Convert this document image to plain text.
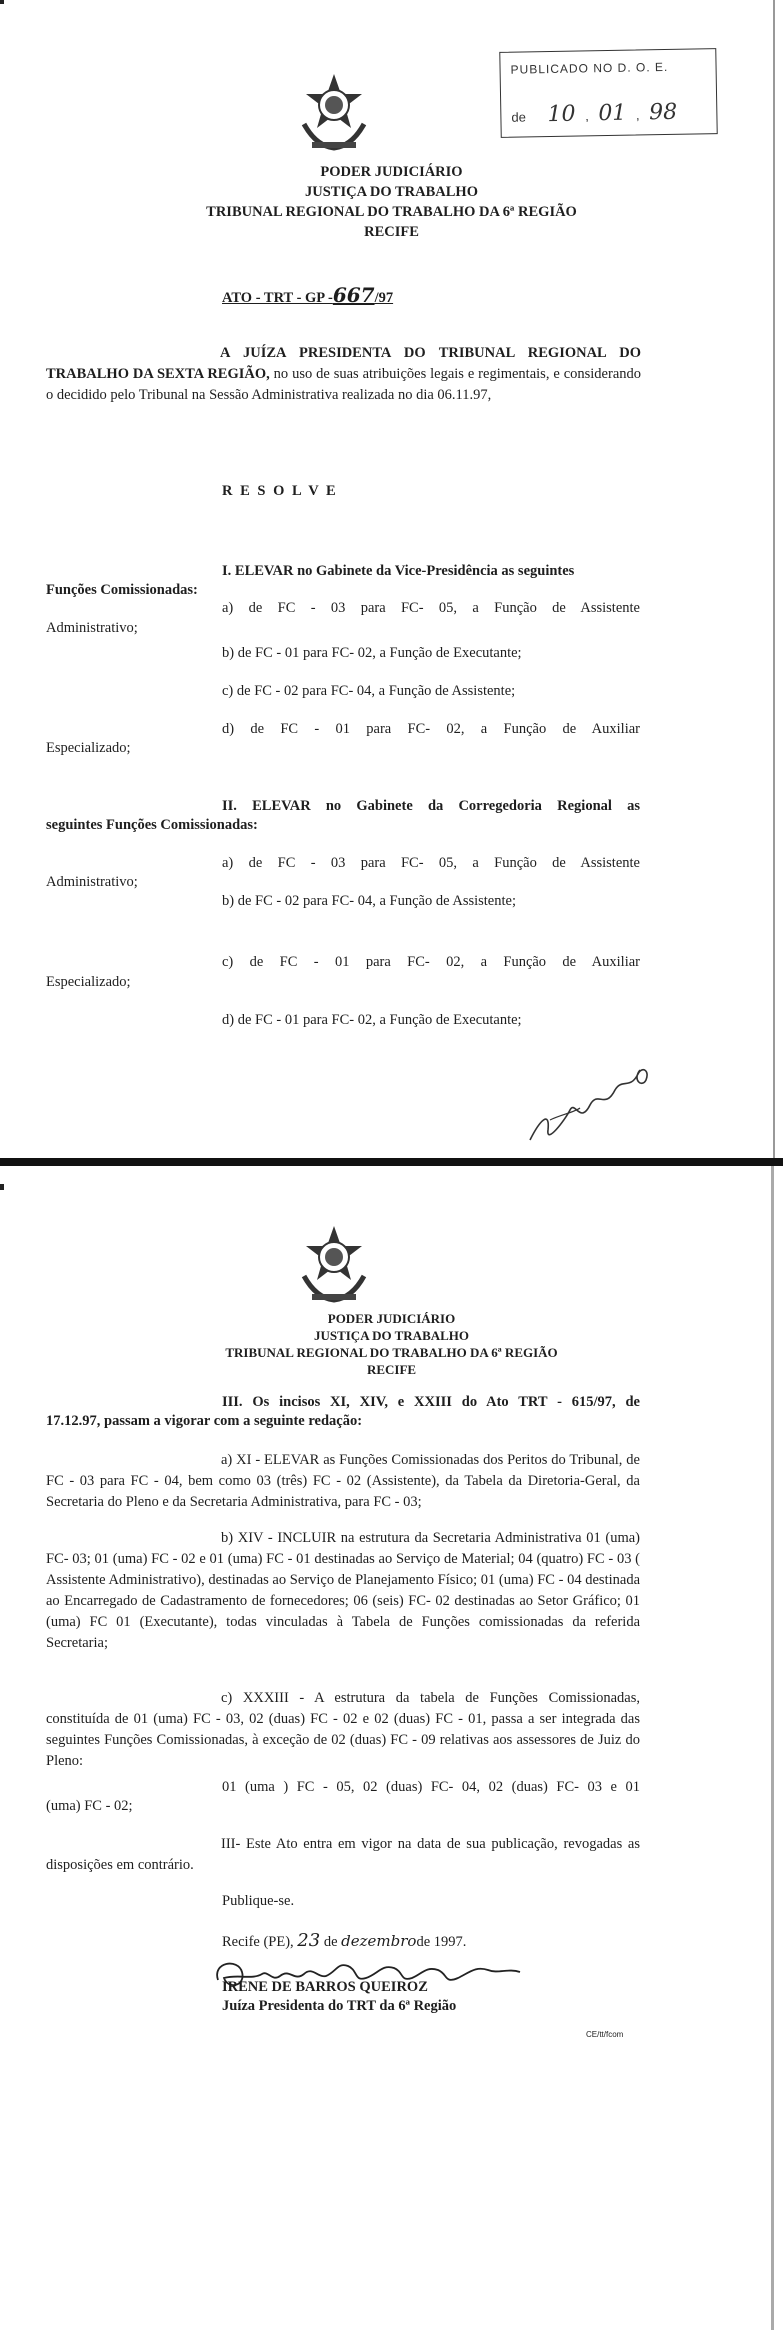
PUBLICADO NO D. O. E.
de 10 , 01 , 98
PODER JUDICIÁRIO
JUSTIÇA DO TRABALHO
TRIBUNAL REGIONAL DO TRABALHO DA 6ª REGIÃO
RECIFE
ATO - TRT - GP -667/97
A JUÍZA PRESIDENTA DO TRIBUNAL REGIONAL DO TRABALHO DA SEXTA REGIÃO, no uso de suas atribuições legais e regimentais, e considerando o decidido pelo Tribunal na Sessão Administrativa realizada no dia 06.11.97,
R E S O L V E
I. ELEVAR no Gabinete da Vice-Presidência as seguintes
Funções Comissionadas:
a) de FC - 03 para FC- 05, a Função de Assistente
Administrativo;
b) de FC - 01 para FC- 02, a Função de Executante;
c) de FC - 02 para FC- 04, a Função de Assistente;
d) de FC - 01 para FC- 02, a Função de Auxiliar
Especializado;
II. ELEVAR no Gabinete da Corregedoria Regional as
seguintes Funções Comissionadas:
a) de FC - 03 para FC- 05, a Função de Assistente
Administrativo;
b) de FC - 02 para FC- 04, a Função de Assistente;
c) de FC - 01 para FC- 02, a Função de Auxiliar
Especializado;
d) de FC - 01 para FC- 02, a Função de Executante;
PODER JUDICIÁRIO
JUSTIÇA DO TRABALHO
TRIBUNAL REGIONAL DO TRABALHO DA 6ª REGIÃO
RECIFE
III. Os incisos XI, XIV, e XXIII do Ato TRT - 615/97, de
17.12.97, passam a vigorar com a seguinte redação:
a) XI - ELEVAR as Funções Comissionadas dos Peritos do Tribunal, de FC - 03 para FC - 04, bem como 03 (três) FC - 02 (Assistente), da Tabela da Diretoria-Geral, da Secretaria do Pleno e da Secretaria Administrativa, para FC - 03;
b) XIV - INCLUIR na estrutura da Secretaria Administrativa 01 (uma) FC- 03; 01 (uma) FC - 02 e 01 (uma) FC - 01 destinadas ao Serviço de Material; 04 (quatro) FC - 03 ( Assistente Administrativo), destinadas ao Serviço de Planejamento Físico; 01 (uma) FC - 04 destinada ao Encarregado de Cadastramento de fornecedores; 06 (seis) FC- 02 destinadas ao Setor Gráfico; 01 (uma) FC 01 (Executante), todas vinculadas à Tabela de Funções comissionadas da referida Secretaria;
c) XXXIII - A estrutura da tabela de Funções Comissionadas, constituída de 01 (uma) FC - 03, 02 (duas) FC - 02 e 02 (duas) FC - 01, passa a ser integrada das seguintes Funções Comissionadas, à exceção de 02 (duas) FC - 09 relativas aos assessores de Juiz do Pleno:
01 (uma ) FC - 05, 02 (duas) FC- 04, 02 (duas) FC- 03 e 01
(uma) FC - 02;
III- Este Ato entra em vigor na data de sua publicação, revogadas as disposições em contrário.
Publique-se.
Recife (PE), 23 de dezembrode 1997.
IRENE DE BARROS QUEIROZ
Juíza Presidenta do TRT da 6ª Região
CE/tt/fcom
